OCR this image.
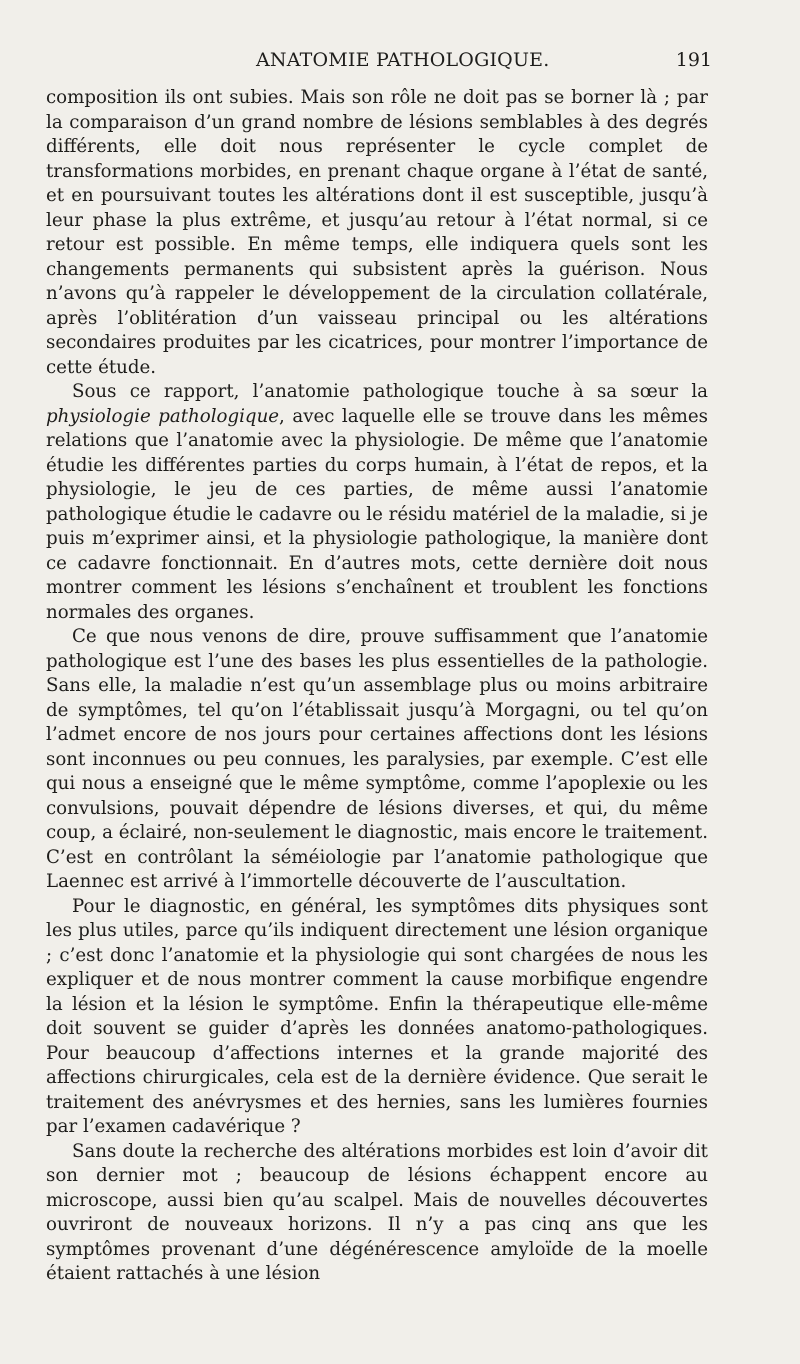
ANATOMIE PATHOLOGIQUE.	191

composition ils ont subies. Mais son rôle ne doit pas se borner là ; par la comparaison d’un grand nombre de lésions semblables à des degrés différents, elle doit nous représenter le cycle complet de transformations morbides, en prenant chaque organe à l’état de santé, et en poursuivant toutes les altérations dont il est susceptible, jusqu’à leur phase la plus extrême, et jusqu’au retour à l’état normal, si ce retour est possible. En même temps, elle indiquera quels sont les changements permanents qui subsistent après la guérison. Nous n’avons qu’à rappeler le développement de la circulation collatérale, après l’oblitération d’un vaisseau principal ou les altérations secondaires produites par les cicatrices, pour montrer l’importance de cette étude.

Sous ce rapport, l’anatomie pathologique touche à sa sœur la physiologie pathologique, avec laquelle elle se trouve dans les mêmes relations que l’anatomie avec la physiologie. De même que l’anatomie étudie les différentes parties du corps humain, à l’état de repos, et la physiologie, le jeu de ces parties, de même aussi l’anatomie pathologique étudie le cadavre ou le résidu matériel de la maladie, si je puis m’exprimer ainsi, et la physiologie pathologique, la manière dont ce cadavre fonctionnait. En d’autres mots, cette dernière doit nous montrer comment les lésions s’enchaînent et troublent les fonctions normales des organes.

Ce que nous venons de dire, prouve suffisamment que l’anatomie pathologique est l’une des bases les plus essentielles de la pathologie. Sans elle, la maladie n’est qu’un assemblage plus ou moins arbitraire de symptômes, tel qu’on l’établissait jusqu’à Morgagni, ou tel qu’on l’admet encore de nos jours pour certaines affections dont les lésions sont inconnues ou peu connues, les paralysies, par exemple. C’est elle qui nous a enseigné que le même symptôme, comme l’apoplexie ou les convulsions, pouvait dépendre de lésions diverses, et qui, du même coup, a éclairé, non-seulement le diagnostic, mais encore le traitement. C’est en contrôlant la séméiologie par l’anatomie pathologique que Laennec est arrivé à l’immortelle découverte de l’auscultation.

Pour le diagnostic, en général, les symptômes dits physiques sont les plus utiles, parce qu’ils indiquent directement une lésion organique ; c’est donc l’anatomie et la physiologie qui sont chargées de nous les expliquer et de nous montrer comment la cause morbifique engendre la lésion et la lésion le symptôme. Enfin la thérapeutique elle-même doit souvent se guider d’après les données anatomo-pathologiques. Pour beaucoup d’affections internes et la grande majorité des affections chirurgicales, cela est de la dernière évidence. Que serait le traitement des anévrysmes et des hernies, sans les lumières fournies par l’examen cadavérique ?

Sans doute la recherche des altérations morbides est loin d’avoir dit son dernier mot ; beaucoup de lésions échappent encore au microscope, aussi bien qu’au scalpel. Mais de nouvelles découvertes ouvriront de nouveaux horizons. Il n’y a pas cinq ans que les symptômes provenant d’une dégénérescence amyloïde de la moelle étaient rattachés à une lésion
